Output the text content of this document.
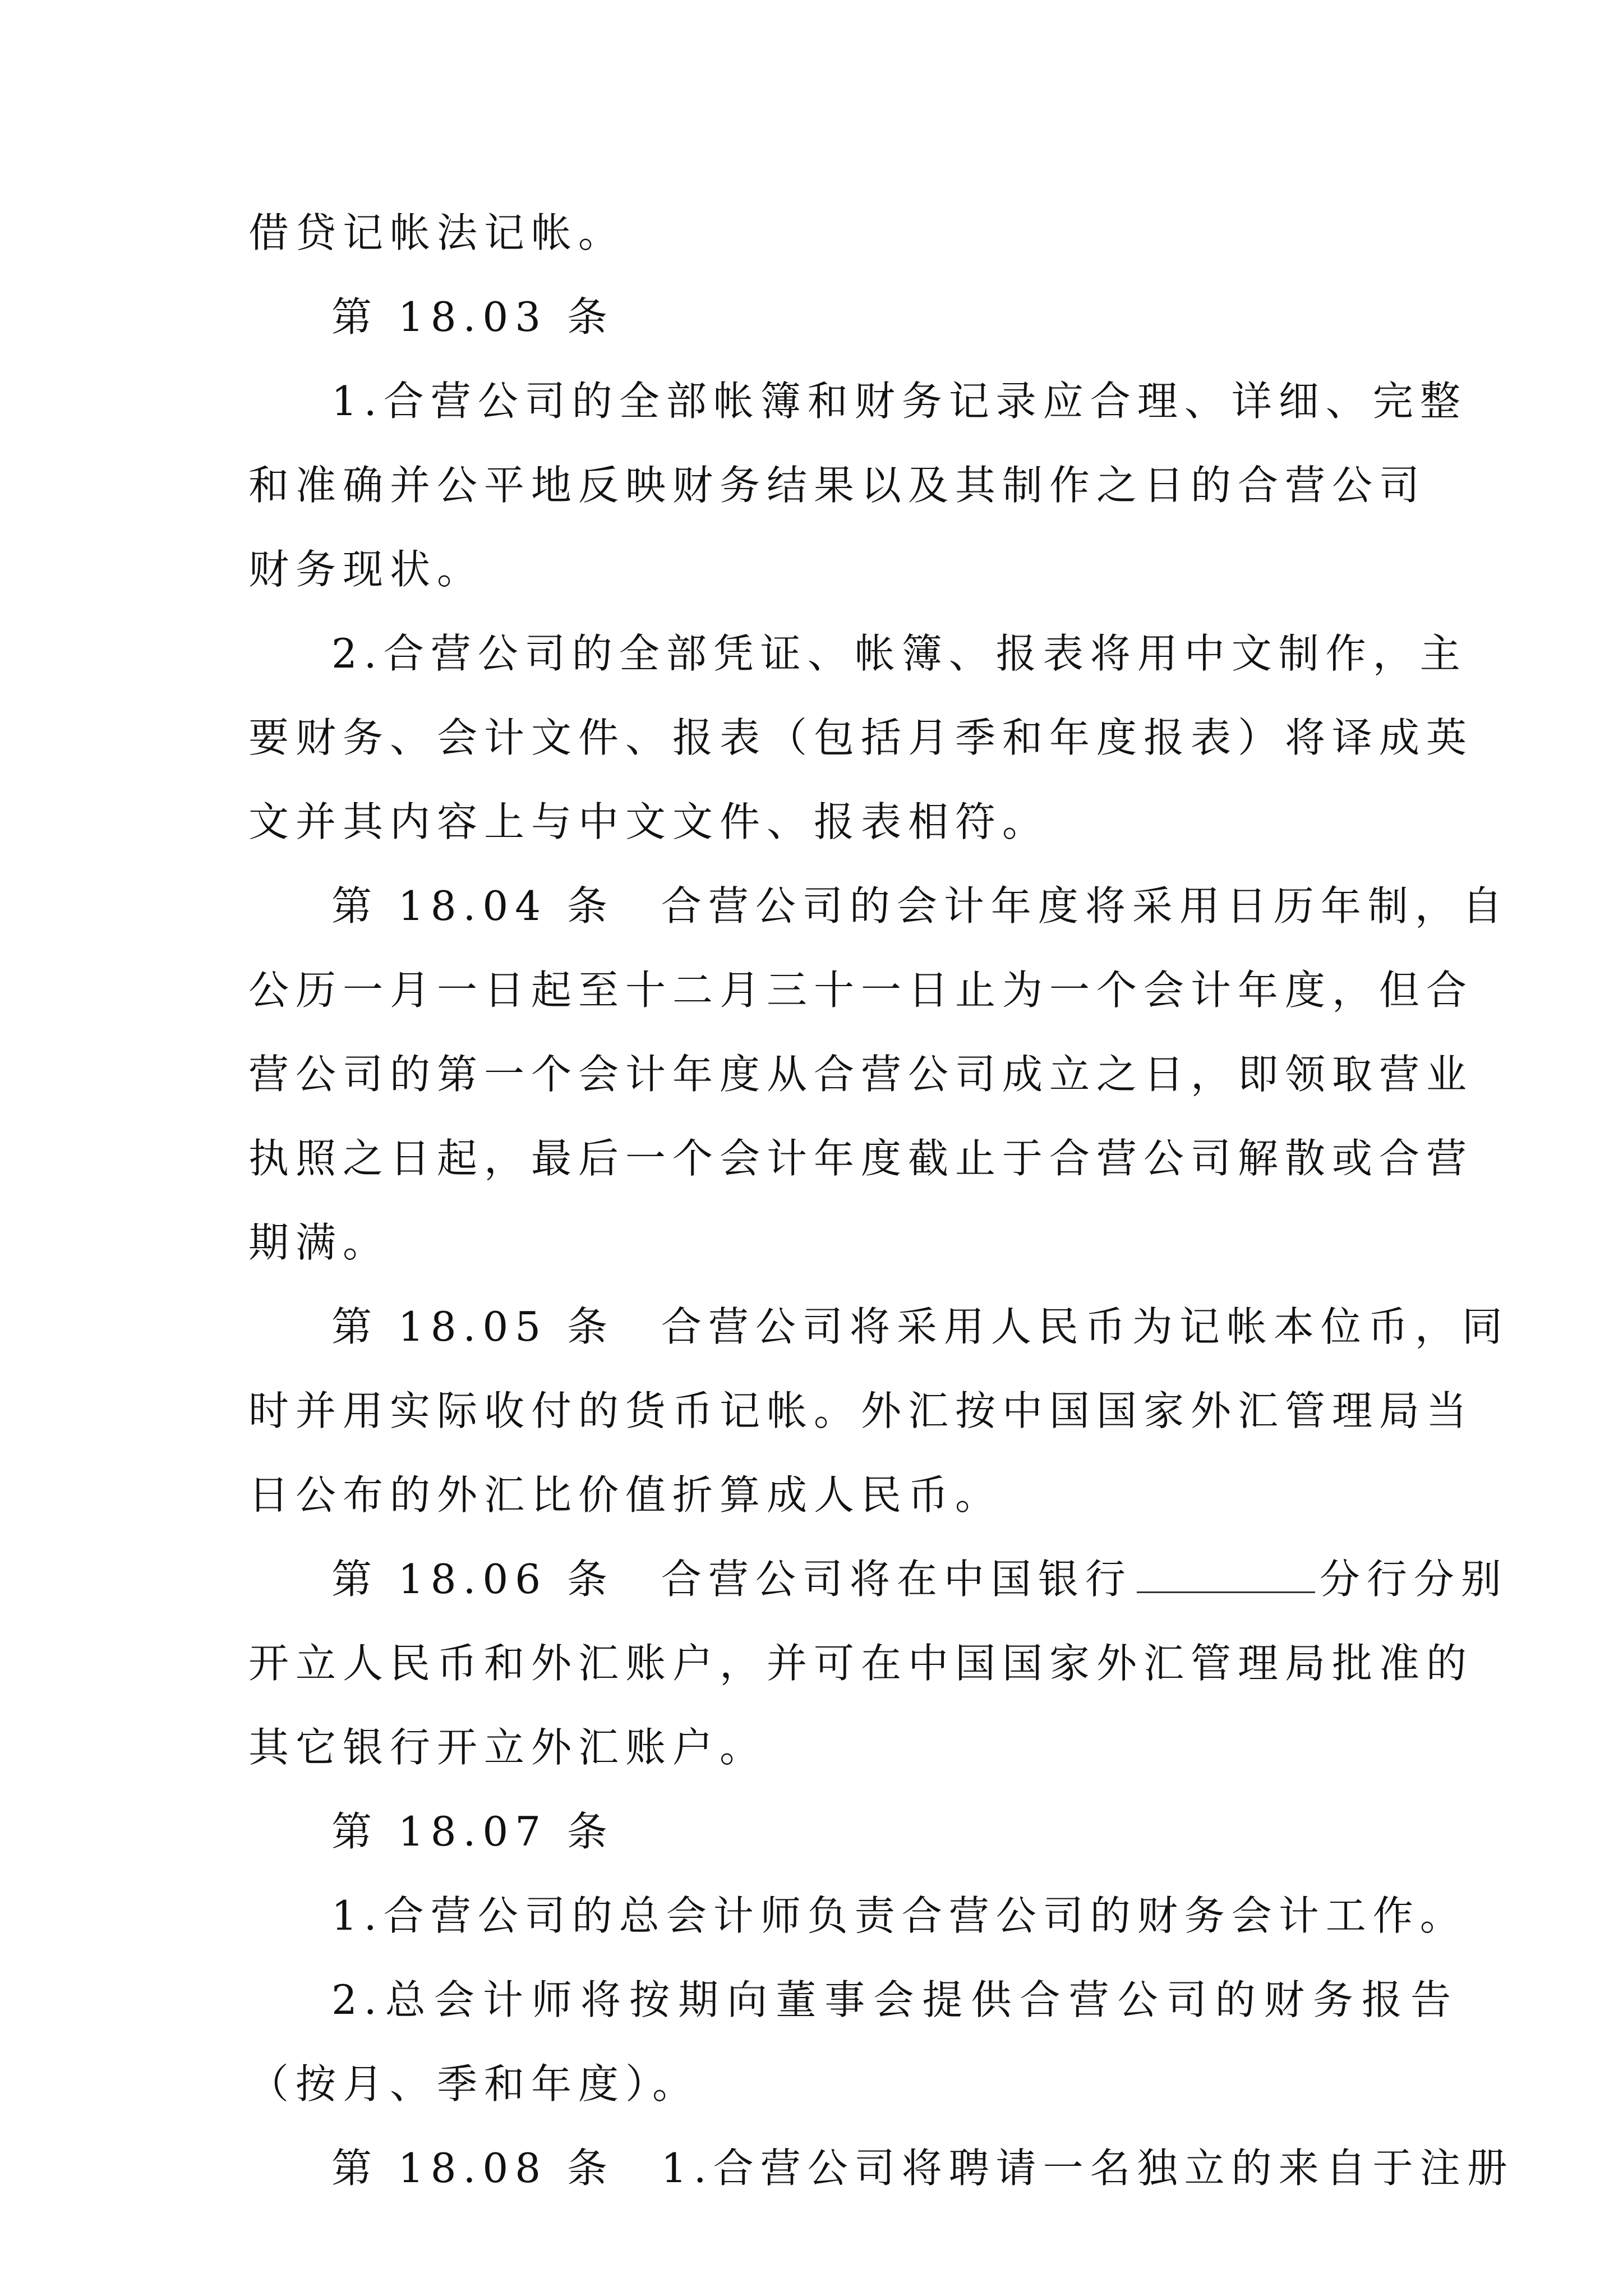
借贷记帐法记帐。
第 18.03 条
1.合营公司的全部帐簿和财务记录应合理、详细、完整
和准确并公平地反映财务结果以及其制作之日的合营公司
财务现状。
2.合营公司的全部凭证、帐簿、报表将用中文制作，主
要财务、会计文件、报表（包括月季和年度报表）将译成英
文并其内容上与中文文件、报表相符。
第 18.04 条　合营公司的会计年度将采用日历年制，自
公历一月一日起至十二月三十一日止为一个会计年度，但合
营公司的第一个会计年度从合营公司成立之日，即领取营业
执照之日起，最后一个会计年度截止于合营公司解散或合营
期满。
第 18.05 条　合营公司将采用人民币为记帐本位币，同
时并用实际收付的货币记帐。外汇按中国国家外汇管理局当
日公布的外汇比价值折算成人民币。
第 18.06 条　合营公司将在中国银行	分行分别
开立人民币和外汇账户，并可在中国国家外汇管理局批准的
其它银行开立外汇账户。
第 18.07 条
1.合营公司的总会计师负责合营公司的财务会计工作。
2.总会计师将按期向董事会提供合营公司的财务报告
（按月、季和年度）。
第 18.08 条　1.合营公司将聘请一名独立的来自于注册
